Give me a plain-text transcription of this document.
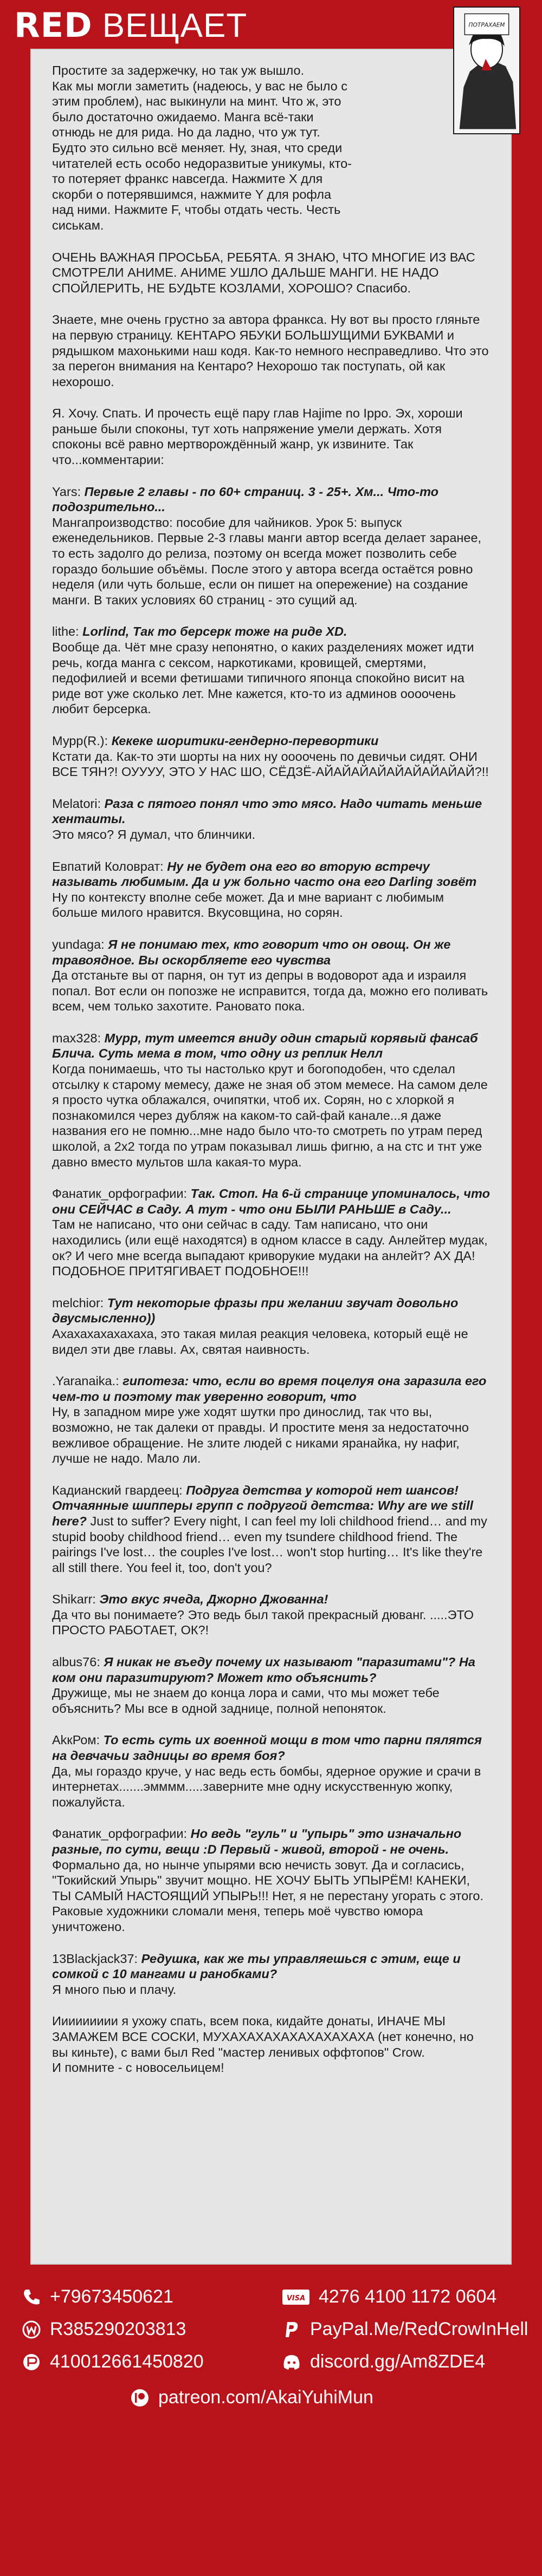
RED ВЕЩАЕТ

Простите за задержечку, но так уж вышло.
Как мы могли заметить (надеюсь, у вас не было с этим проблем), нас выкинули на минт. Что ж, это было достаточно ожидаемо. Манга всё-таки отнюдь не для рида. Но да ладно, что уж тут. Будто это сильно всё меняет. Ну, зная, что среди читателей есть особо недоразвитые уникумы, кто-то потеряет франкс навсегда. Нажмите X для скорби о потерявшимся, нажмите Y для рофла над ними. Нажмите F, чтобы отдать честь. Честь сиськам.

ОЧЕНЬ ВАЖНАЯ ПРОСЬБА, РЕБЯТА. Я ЗНАЮ, ЧТО МНОГИЕ ИЗ ВАС СМОТРЕЛИ АНИМЕ. АНИМЕ УШЛО ДАЛЬШЕ МАНГИ. НЕ НАДО СПОЙЛЕРИТЬ, НЕ БУДЬТЕ КОЗЛАМИ, ХОРОШО? Спасибо.

Знаете, мне очень грустно за автора франкса. Ну вот вы просто гляньте на первую страницу. КЕНТАРО ЯБУКИ БОЛЬШУЩИМИ БУКВАМИ и рядышком махонькими наш кодя. Как-то немного несправедливо. Что это за перегон внимания на Кентаро? Нехорошо так поступать, ой как нехорошо.

Я. Хочу. Спать. И прочесть ещё пару глав Hajime no Ippo. Эх, хороши раньше были споконы, тут хоть напряжение умели держать. Хотя споконы всё равно мертворождённый жанр, ук извините. Так что...комментарии:

Yars: Первые 2 главы - по 60+ страниц. 3 - 25+. Хм... Что-то подозрительно...
Мангапроизводство: пособие для чайников. Урок 5: выпуск еженедельников. Первые 2-3 главы манги автор всегда делает заранее, то есть задолго до релиза, поэтому он всегда может позволить себе гораздо большие объёмы. После этого у автора всегда остаётся ровно неделя (или чуть больше, если он пишет на опережение) на создание манги. В таких условиях 60 страниц - это сущий ад.
lithe: Lorlind, Так то берсерк тоже на риде XD.
Вообще да. Чёт мне сразу непонятно, о каких разделениях может идти речь, когда манга с сексом, наркотиками, кровищей, смертями, педофилией и всеми фетишами типичного японца спокойно висит на риде вот уже сколько лет. Мне кажется, кто-то из админов оооочень любит берсерка.
Мурр(R.): Кекеке шоритики-гендерно-перевортики
Кстати да. Как-то эти шорты на них ну оооочень по девичьи сидят. ОНИ ВСЕ ТЯН?! ОУУУУ, ЭТО У НАС ШО, СЁДЗЁ-АЙАЙАЙАЙАЙАЙАЙАЙАЙ?!!
Melatori: Раза с пятого понял что это мясо. Надо читать меньше хентаиты.
Это мясо? Я думал, что блинчики.
Евпатий Коловрат: Ну не будет она его во вторую встречу называть любимым. Да и уж больно часто она его Darling зовёт
Ну по контексту вполне себе может. Да и мне вариант с любимым больше милого нравится. Вкусовщина, но сорян.
yundaga: Я не понимаю тех, кто говорит что он овощ. Он же травоядное. Вы оскорбляете его чувства
Да отстаньте вы от парня, он тут из депры в водоворот ада и израиля попал. Вот если он попозже не исправится, тогда да, можно его поливать всем, чем только захотите. Рановато пока.
max328: Мурр, тут имеется вниду один старый корявый фансаб Блича. Суть мема в том, что одну из реплик Нелл
Когда понимаешь, что ты настолько крут и богоподобен, что сделал отсылку к старому мемесу, даже не зная об этом мемесе. На самом деле я просто чутка облажался, очипятки, чтоб их. Сорян, но с хлоркой я познакомился через дубляж на каком-то сай-фай канале...я даже названия его не помню...мне надо было что-то смотреть по утрам перед школой, а 2х2 тогда по утрам показывал лишь фигню, а на стс и тнт уже давно вместо мультов шла какая-то мура.
Фанатик_орфографии: Так. Стоп. На 6-й странице упоминалось, что они СЕЙЧАС в Саду. А тут - что они БЫЛИ РАНЬШЕ в Саду...
Там не написано, что они сейчас в саду. Там написано, что они находились (или ещё находятся) в одном классе в саду. Анлейтер мудак, ок? И чего мне всегда выпадают криворукие мудаки на анлейт? АХ ДА! ПОДОБНОЕ ПРИТЯГИВАЕТ ПОДОБНОЕ!!!
melchior: Тут некоторые фразы при желании звучат довольно двусмысленно))
Ахахахахахахаха, это такая милая реакция человека, который ещё не видел эти две главы. Ах, святая наивность.
.Yaranaika.: гипотеза: что, если во время поцелуя она заразила его чем-то и поэтому так уверенно говорит, что
Ну, в западном мире уже ходят шутки про динослид, так что вы, возможно, не так далеки от правды. И простите меня за недостаточно вежливое обращение. Не злите людей с никами яранайка, ну нафиг, лучше не надо. Мало ли.
Кадианский гвардеец: Подруга детства у которой нет шансов! Отчаянные шипперы групп с подругой детства: Why are we still here? Just to suffer? Every night, I can feel my loli childhood friend… and my stupid booby childhood friend… even my tsundere childhood friend. The pairings I've lost… the couples I've lost… won't stop hurting… It's like they're all still there. You feel it, too, don't you?
Shikarr: Это вкус ячеда, Джорно Джованна!
Да что вы понимаете? Это ведь был такой прекрасный дюванг. .....ЭТО ПРОСТО РАБОТАЕТ, ОК?!
albus76: Я никак не въеду почему их называют "паразитами"? На ком они паразитируют? Может кто объяснить?
Дружище, мы не знаем до конца лора и сами, что мы может тебе объяснить? Мы все в одной заднице, полной непоняток.
AkкРом: То есть суть их военной мощи в том что парни пялятся на девчачьи задницы во время боя?
Да, мы гораздо круче, у нас ведь есть бомбы, ядерное оружие и срачи в интернетах.......эмммм.....заверните мне одну искусственную жопку, пожалуйста.
Фанатик_орфографии: Но ведь "гуль" и "упырь" это изначально разные, по сути, вещи :D Первый - живой, второй - не очень.
Формально да, но нынче упырями всю нечисть зовут. Да и согласись, "Токийский Упырь" звучит мощно. НЕ ХОЧУ БЫТЬ УПЫРЁМ! КАНЕКИ, ТЫ САМЫЙ НАСТОЯЩИЙ УПЫРЬ!!! Нет, я не перестану угорать с этого. Раковые художники сломали меня, теперь моё чувство юмора уничтожено.
13Blackjack37: Редушка, как же ты управляешься с этим, еще и сомкой с 10 мангами и ранобками?
Я много пью и плачу.

Иииииииии я ухожу спать, всем пока, кидайте донаты, ИНАЧЕ МЫ ЗАМАЖЕМ ВСЕ СОСКИ, МУХАХАХАХАХАХАХАХАХА (нет конечно, но вы киньте), с вами был Red "мастер ленивых оффтопов" Crow.
И помните - с новосельицем!

ПОТРАХАЕМ
+79673450621	VISA 4276 4100 1172 0604
R385290203813	PayPal.Me/RedCrowInHell
410012661450820	discord.gg/Am8ZDE4
patreon.com/AkaiYuhiMun
